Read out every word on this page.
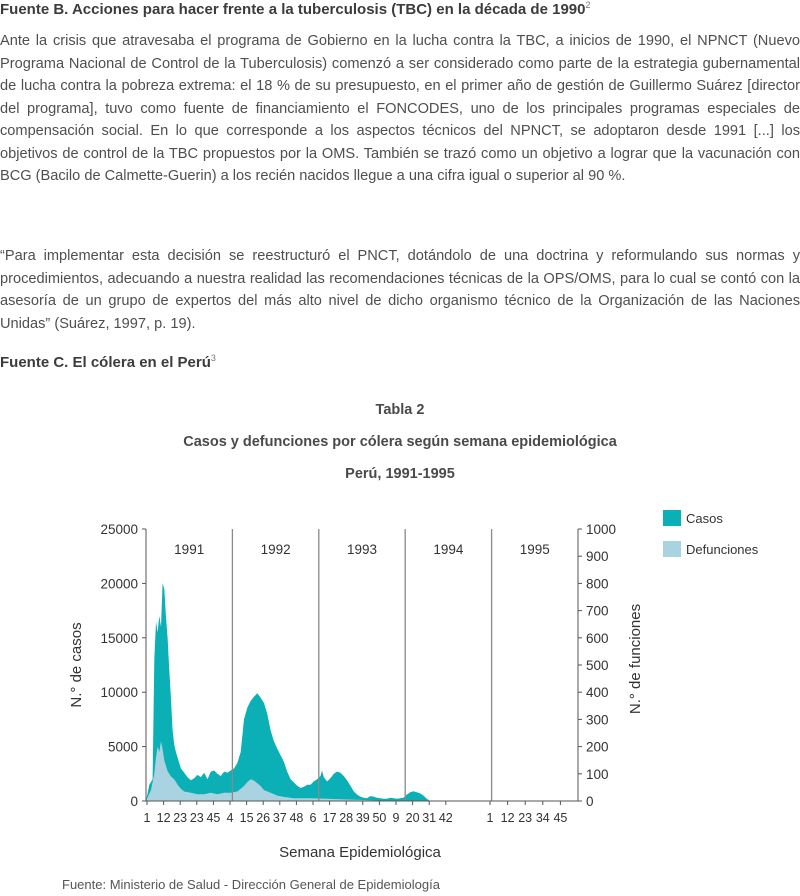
Fuente B. Acciones para hacer frente a la tuberculosis (TBC) en la década de 1990$^2$

Ante la crisis que atravesaba el programa de Gobierno en la lucha contra la TBC, a inicios de 1990, el NPNCT (Nuevo Programa Nacional de Control de la Tuberculosis) comenzó a ser considerado como parte de la estrategia gubernamental de lucha contra la pobreza extrema: el 18 % de su presupuesto, en el primer año de gestión de Guillermo Suárez [director del programa], tuvo como fuente de financiamiento el FONCODES, uno de los principales programas especiales de compensación social. En lo que corresponde a los aspectos técnicos del NPNCT, se adoptaron desde 1991 [...] los objetivos de control de la TBC propuestos por la OMS. También se trazó como un objetivo a lograr que la vacunación con BCG (Bacilo de Calmette-Guerin) a los recién nacidos llegue a una cifra igual o superior al 90 %.

“Para implementar esta decisión se reestructuró el PNCT, dotándolo de una doctrina y reformulando sus normas y procedimientos, adecuando a nuestra realidad las recomendaciones técnicas de la OPS/OMS, para lo cual se contó con la asesoría de un grupo de expertos del más alto nivel de dicho organismo técnico de la Organización de las Naciones Unidas” (Suárez, 1997, p. 19).

Fuente C. El cólera en el Perú$^3$

Tabla 2

Casos y defunciones por cólera según semana epidemiológica

Perú, 1991-1995

1991	1992	1993	1994	1995
0
5000
10000
15000
20000
25000
0
100
200
300
400
500
600
700
800
900
1000
1 12 23 23 45 4 15 26 37 48 6 17 28 39 50 9 20 31 42	1 12 23 34 45
Semana Epidemiológica
N.° de casos	N.° de funciones
Casos
Defunciones

Fuente: Ministerio de Salud - Dirección General de Epidemiología
